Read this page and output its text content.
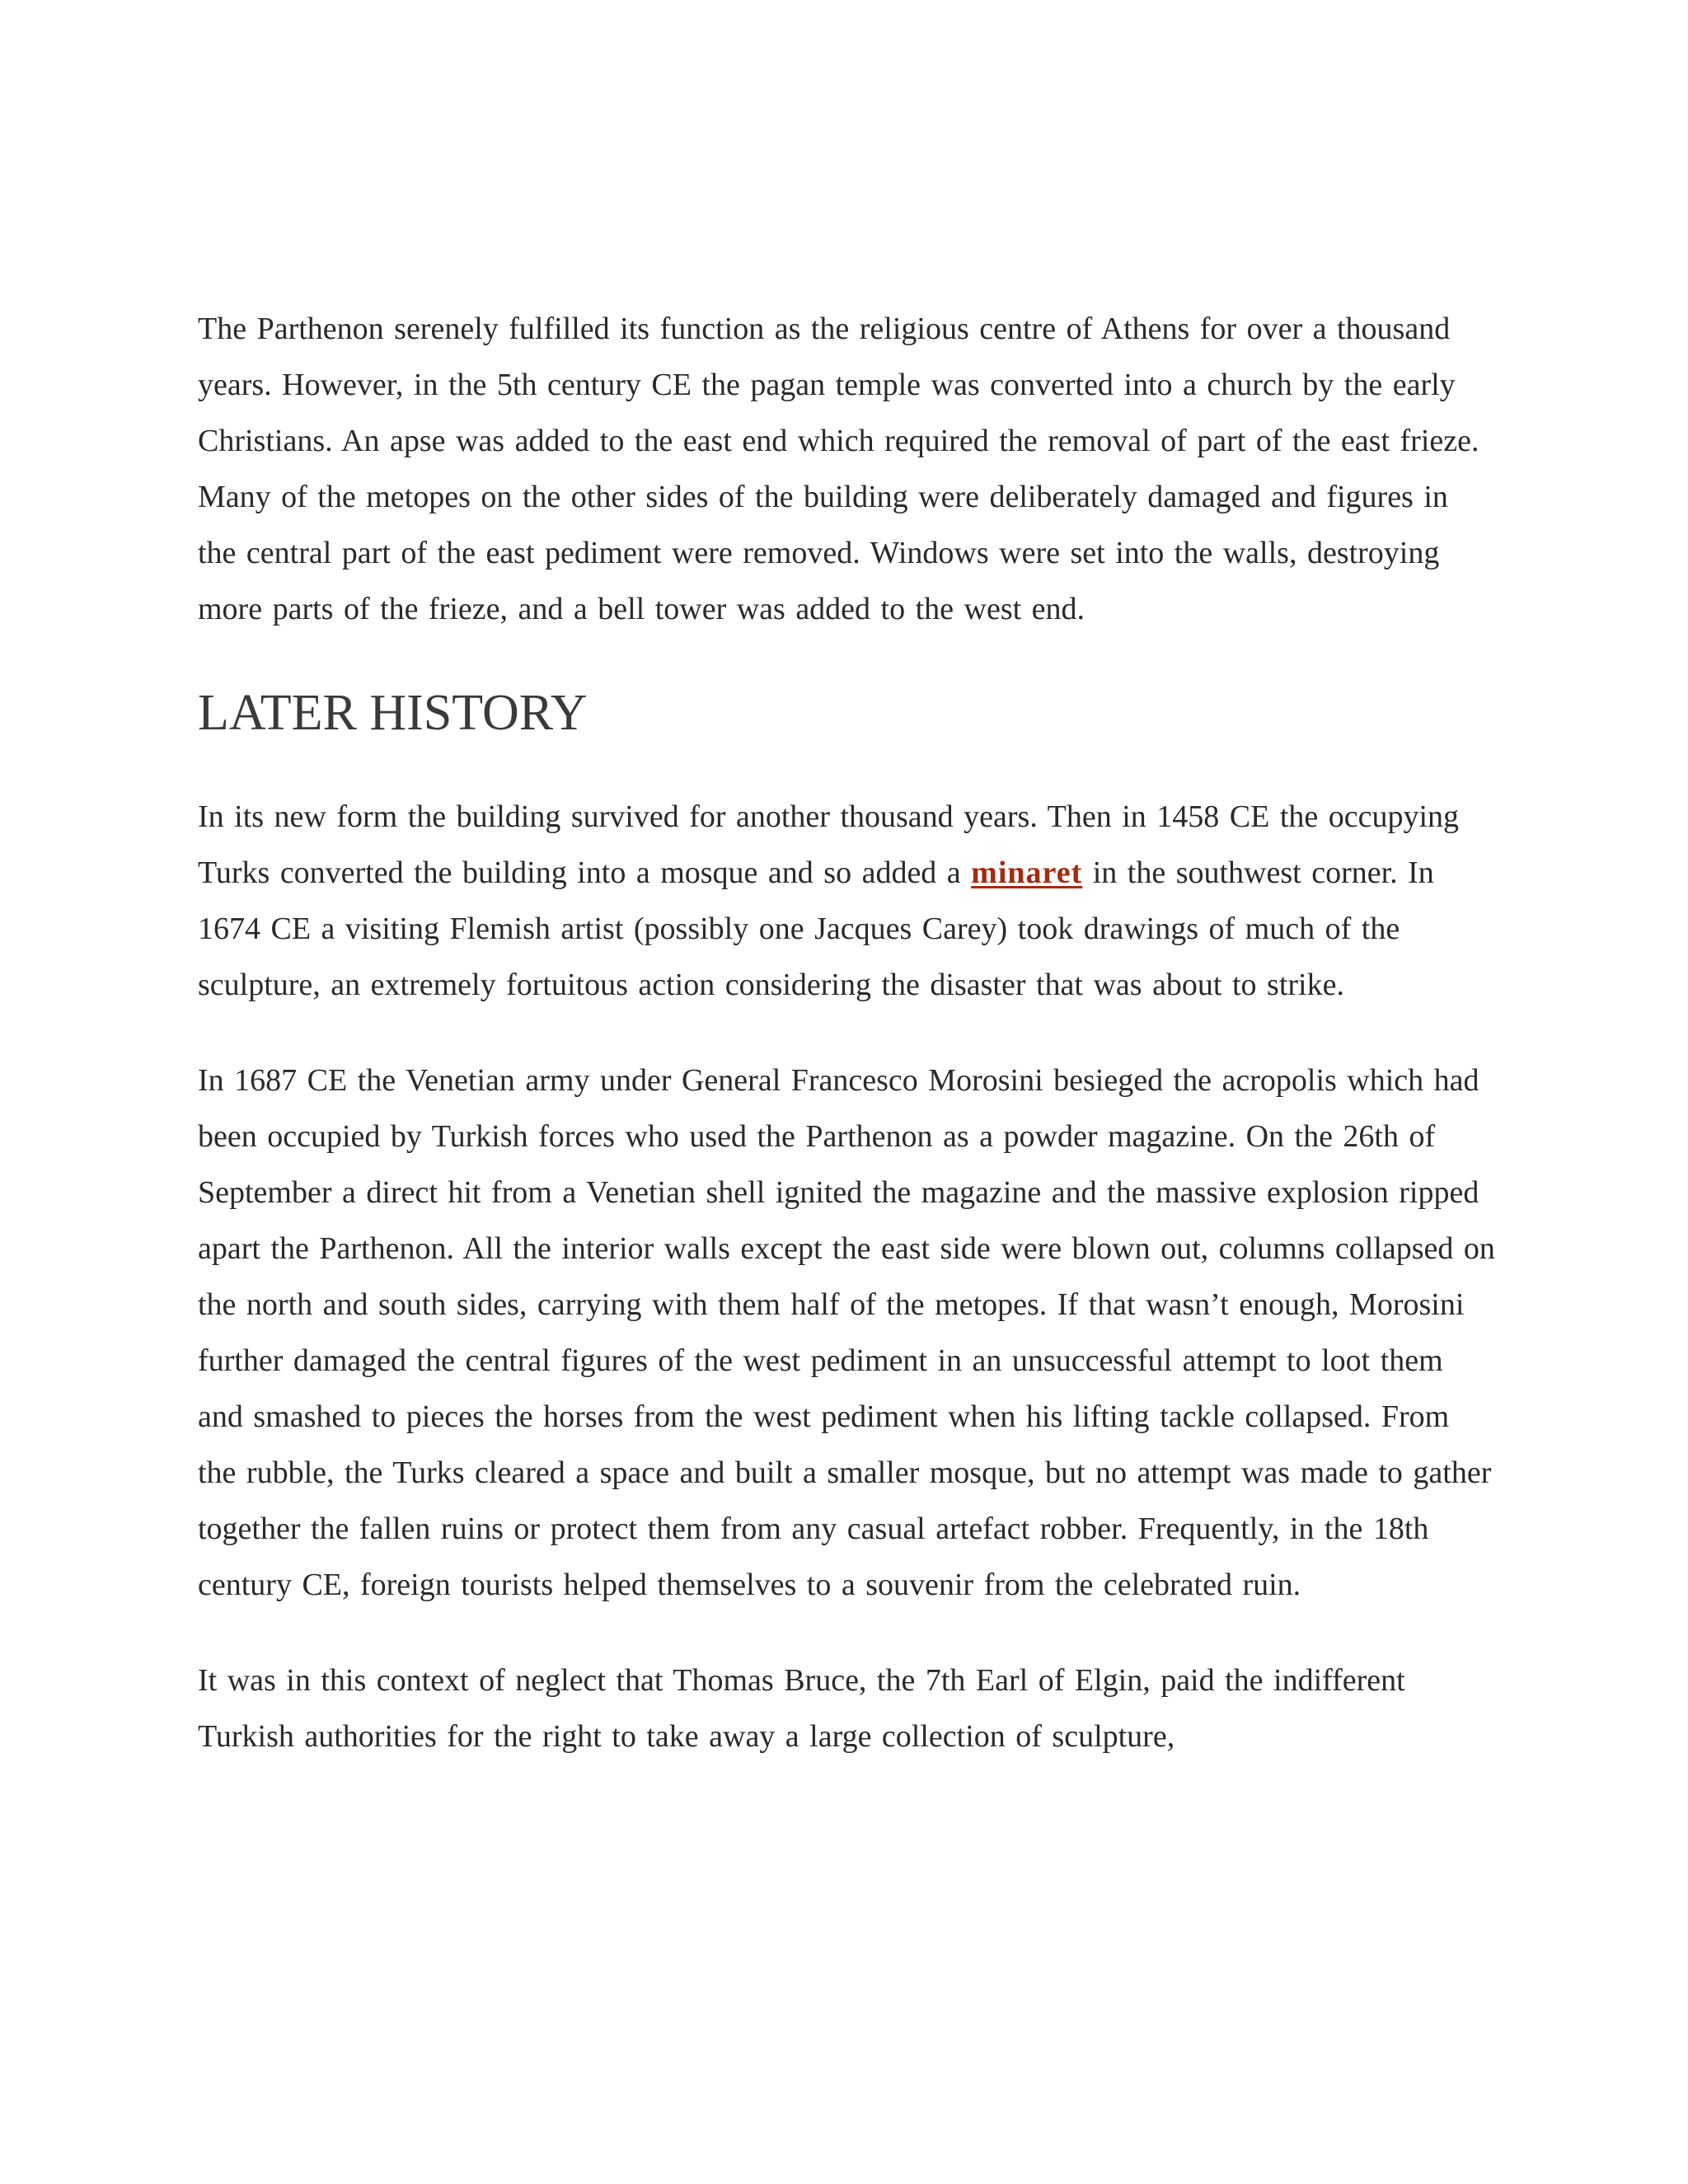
The Parthenon serenely fulfilled its function as the religious centre of Athens for over a thousand years. However, in the 5th century CE the pagan temple was converted into a church by the early Christians. An apse was added to the east end which required the removal of part of the east frieze. Many of the metopes on the other sides of the building were deliberately damaged and figures in the central part of the east pediment were removed. Windows were set into the walls, destroying more parts of the frieze, and a bell tower was added to the west end.

LATER HISTORY

In its new form the building survived for another thousand years. Then in 1458 CE the occupying Turks converted the building into a mosque and so added a minaret in the southwest corner. In 1674 CE a visiting Flemish artist (possibly one Jacques Carey) took drawings of much of the sculpture, an extremely fortuitous action considering the disaster that was about to strike.

In 1687 CE the Venetian army under General Francesco Morosini besieged the acropolis which had been occupied by Turkish forces who used the Parthenon as a powder magazine. On the 26th of September a direct hit from a Venetian shell ignited the magazine and the massive explosion ripped apart the Parthenon. All the interior walls except the east side were blown out, columns collapsed on the north and south sides, carrying with them half of the metopes. If that wasn’t enough, Morosini further damaged the central figures of the west pediment in an unsuccessful attempt to loot them and smashed to pieces the horses from the west pediment when his lifting tackle collapsed. From the rubble, the Turks cleared a space and built a smaller mosque, but no attempt was made to gather together the fallen ruins or protect them from any casual artefact robber. Frequently, in the 18th century CE, foreign tourists helped themselves to a souvenir from the celebrated ruin.

It was in this context of neglect that Thomas Bruce, the 7th Earl of Elgin, paid the indifferent Turkish authorities for the right to take away a large collection of sculpture,
